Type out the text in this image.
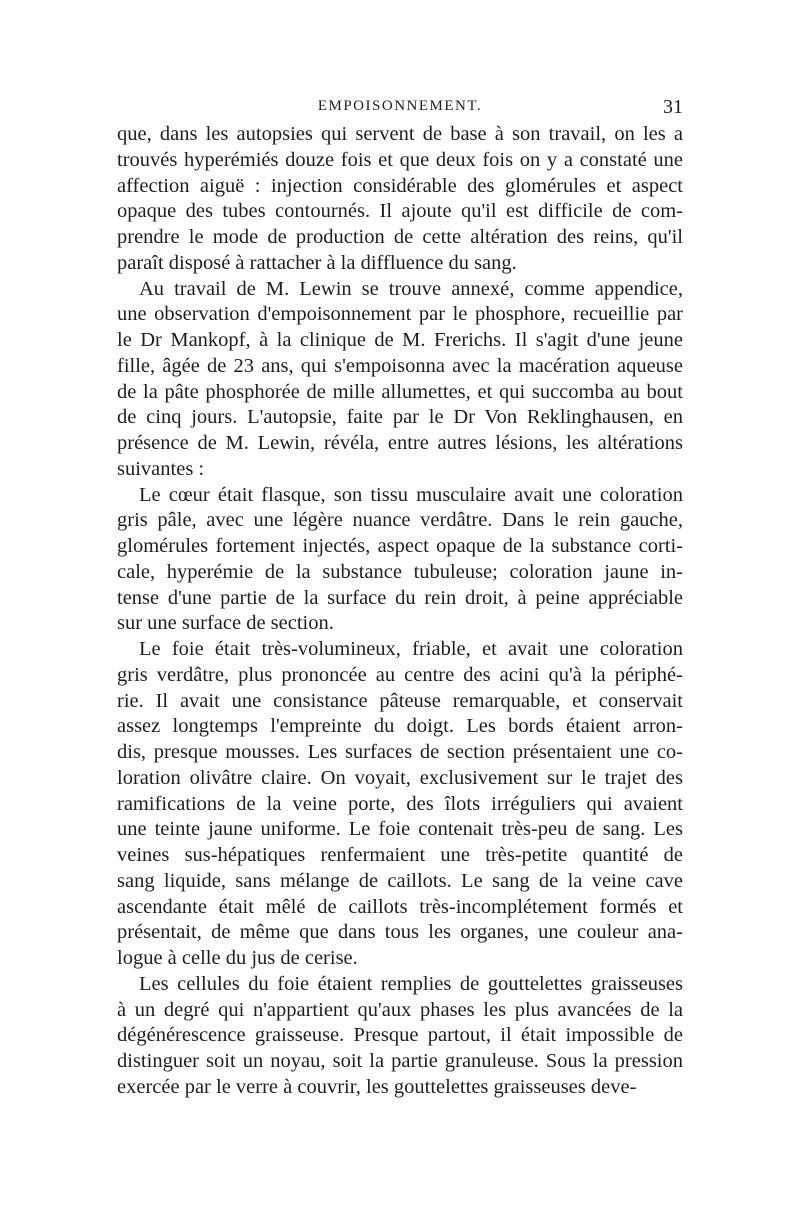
EMPOISONNEMENT.	31
que, dans les autopsies qui servent de base à son travail, on les a
trouvés hyperémiés douze fois et que deux fois on y a constaté une
affection aiguë : injection considérable des glomérules et aspect
opaque des tubes contournés. Il ajoute qu'il est difficile de com-
prendre le mode de production de cette altération des reins, qu'il
paraît disposé à rattacher à la diffluence du sang.
Au travail de M. Lewin se trouve annexé, comme appendice,
une observation d'empoisonnement par le phosphore, recueillie par
le Dr Mankopf, à la clinique de M. Frerichs. Il s'agit d'une jeune
fille, âgée de 23 ans, qui s'empoisonna avec la macération aqueuse
de la pâte phosphorée de mille allumettes, et qui succomba au bout
de cinq jours. L'autopsie, faite par le Dr Von Reklinghausen, en
présence de M. Lewin, révéla, entre autres lésions, les altérations
suivantes :
Le cœur était flasque, son tissu musculaire avait une coloration
gris pâle, avec une légère nuance verdâtre. Dans le rein gauche,
glomérules fortement injectés, aspect opaque de la substance corti-
cale, hyperémie de la substance tubuleuse; coloration jaune in-
tense d'une partie de la surface du rein droit, à peine appréciable
sur une surface de section.
Le foie était très-volumineux, friable, et avait une coloration
gris verdâtre, plus prononcée au centre des acini qu'à la périphé-
rie. Il avait une consistance pâteuse remarquable, et conservait
assez longtemps l'empreinte du doigt. Les bords étaient arron-
dis, presque mousses. Les surfaces de section présentaient une co-
loration olivâtre claire. On voyait, exclusivement sur le trajet des
ramifications de la veine porte, des îlots irréguliers qui avaient
une teinte jaune uniforme. Le foie contenait très-peu de sang. Les
veines sus-hépatiques renfermaient une très-petite quantité de
sang liquide, sans mélange de caillots. Le sang de la veine cave
ascendante était mêlé de caillots très-incomplétement formés et
présentait, de même que dans tous les organes, une couleur ana-
logue à celle du jus de cerise.
Les cellules du foie étaient remplies de gouttelettes graisseuses
à un degré qui n'appartient qu'aux phases les plus avancées de la
dégénérescence graisseuse. Presque partout, il était impossible de
distinguer soit un noyau, soit la partie granuleuse. Sous la pression
exercée par le verre à couvrir, les gouttelettes graisseuses deve-
